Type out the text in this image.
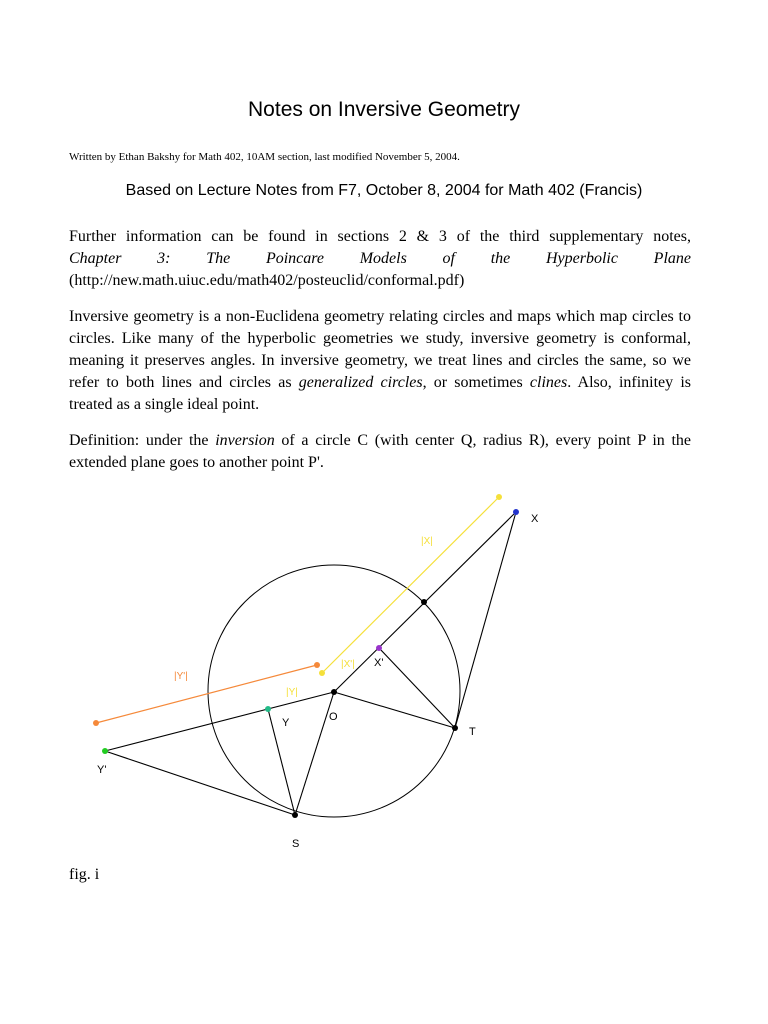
Notes on Inversive Geometry
Written by Ethan Bakshy for Math 402, 10AM section, last modified November 5, 2004.
Based on Lecture Notes from F7, October 8, 2004 for Math 402 (Francis)
Further information can be found in sections 2 & 3 of the third supplementary notes,
Chapter 3: The Poincare Models of the Hyperbolic Plane
(http://new.math.uiuc.edu/math402/posteuclid/conformal.pdf)

Inversive geometry is a non-Euclidena geometry relating circles and maps which map circles to circles. Like many of the hyperbolic geometries we study, inversive geometry is conformal, meaning it preserves angles. In inversive geometry, we treat lines and circles the same, so we refer to both lines and circles as generalized circles, or sometimes clines. Also, infinitey is treated as a single ideal point.

Definition: under the inversion of a circle C (with center Q, radius R), every point P in the extended plane goes to another point P'.

X
X'
Y
Y'
O
T
S
|X|
|X'|
|Y|
|Y'|
fig. i
